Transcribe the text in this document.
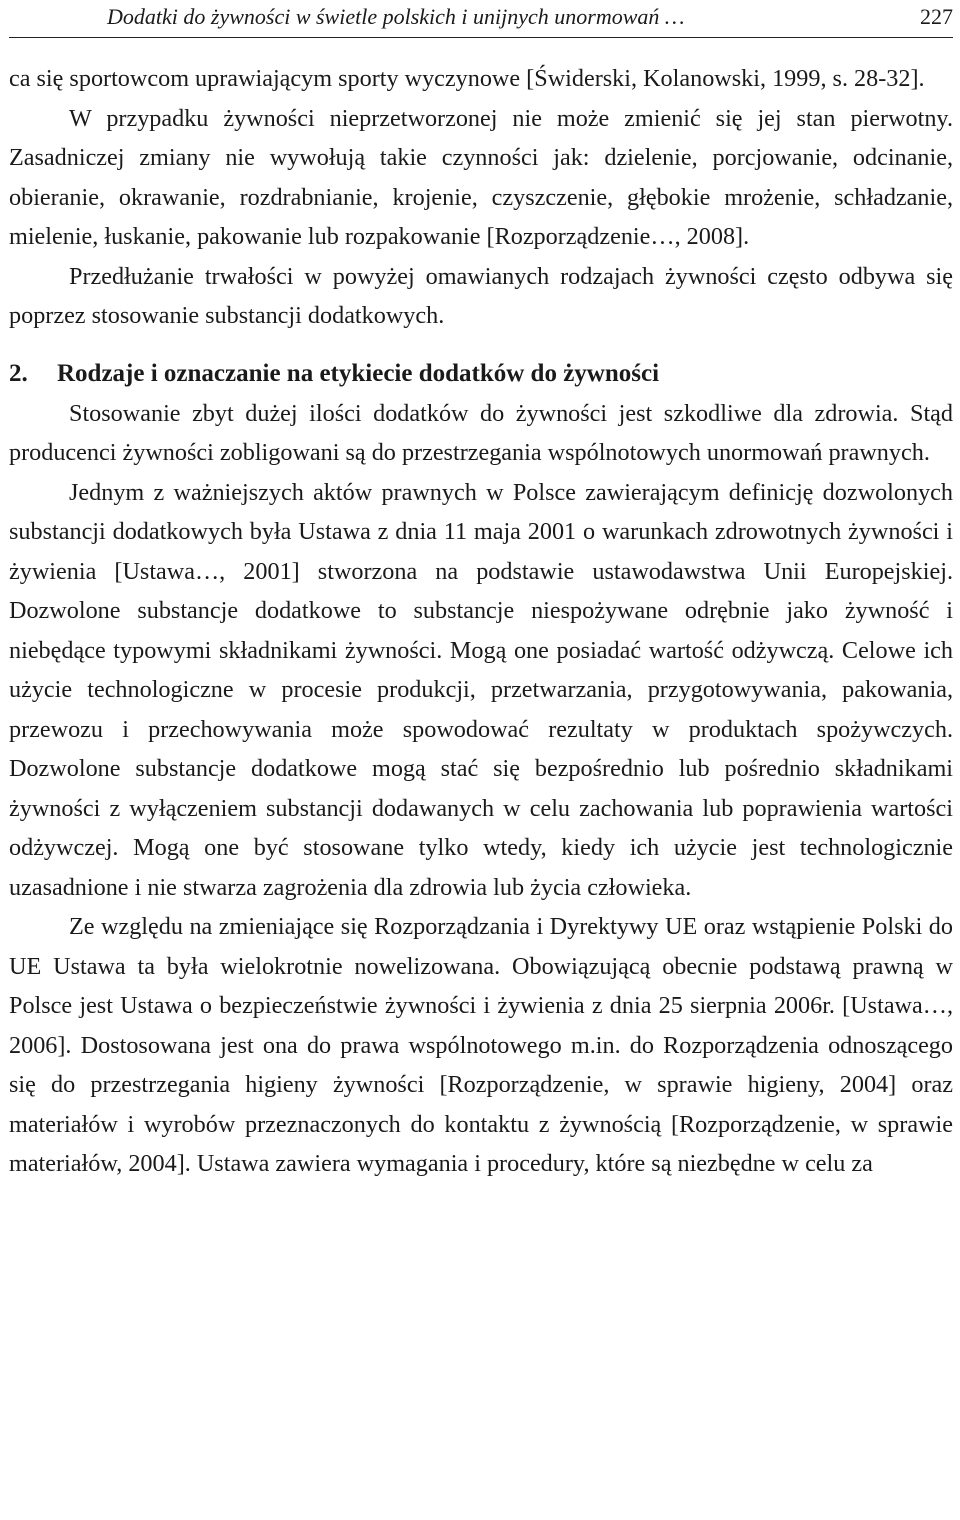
Dodatki do żywności w świetle polskich i unijnych unormowań …	227

ca się sportowcom uprawiającym sporty wyczynowe [Świderski, Kolanowski, 1999, s. 28-32].

W przypadku żywności nieprzetworzonej nie może zmienić się jej stan pierwotny. Zasadniczej zmiany nie wywołują takie czynności jak: dzielenie, porcjowanie, odcinanie, obieranie, okrawanie, rozdrabnianie, krojenie, czyszczenie, głębokie mrożenie, schładzanie, mielenie, łuskanie, pakowanie lub rozpakowanie [Rozporządzenie…, 2008].

Przedłużanie trwałości w powyżej omawianych rodzajach żywności często odbywa się poprzez stosowanie substancji dodatkowych.

2. Rodzaje i oznaczanie na etykiecie dodatków do żywności

Stosowanie zbyt dużej ilości dodatków do żywności jest szkodliwe dla zdrowia. Stąd producenci żywności zobligowani są do przestrzegania wspólnotowych unormowań prawnych.

Jednym z ważniejszych aktów prawnych w Polsce zawierającym definicję dozwolonych substancji dodatkowych była Ustawa z dnia 11 maja 2001 o warunkach zdrowotnych żywności i żywienia [Ustawa…, 2001] stworzona na podstawie ustawodawstwa Unii Europejskiej. Dozwolone substancje dodatkowe to substancje niespożywane odrębnie jako żywność i niebędące typowymi składnikami żywności. Mogą one posiadać wartość odżywczą. Celowe ich użycie technologiczne w procesie produkcji, przetwarzania, przygotowywania, pakowania, przewozu i przechowywania może spowodować rezultaty w produktach spożywczych. Dozwolone substancje dodatkowe mogą stać się bezpośrednio lub pośrednio składnikami żywności z wyłączeniem substancji dodawanych w celu zachowania lub poprawienia wartości odżywczej. Mogą one być stosowane tylko wtedy, kiedy ich użycie jest technologicznie uzasadnione i nie stwarza zagrożenia dla zdrowia lub życia człowieka.

Ze względu na zmieniające się Rozporządzania i Dyrektywy UE oraz wstąpienie Polski do UE Ustawa ta była wielokrotnie nowelizowana. Obowiązującą obecnie podstawą prawną w Polsce jest Ustawa o bezpieczeństwie żywności i żywienia z dnia 25 sierpnia 2006r. [Ustawa…, 2006]. Dostosowana jest ona do prawa wspólnotowego m.in. do Rozporządzenia odnoszącego się do przestrzegania higieny żywności [Rozporządzenie, w sprawie higieny, 2004] oraz materiałów i wyrobów przeznaczonych do kontaktu z żywnością [Rozporządzenie, w sprawie materiałów, 2004]. Ustawa zawiera wymagania i procedury, które są niezbędne w celu za
